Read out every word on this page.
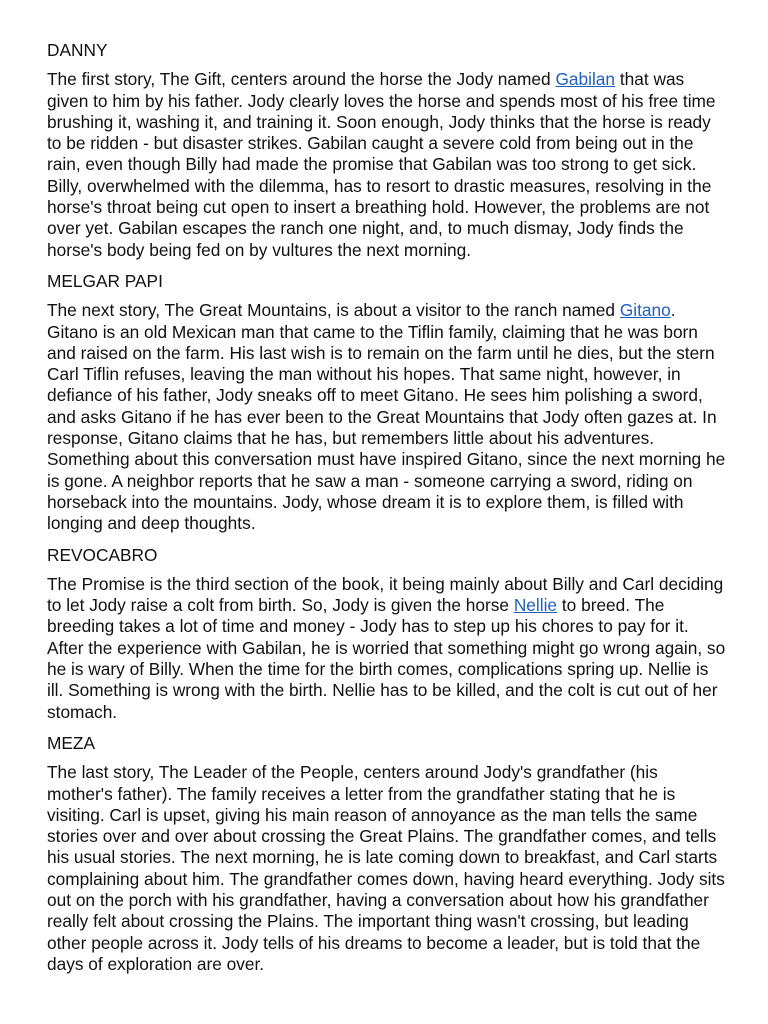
DANNY

The first story, The Gift, centers around the horse the Jody named Gabilan that was given to him by his father. Jody clearly loves the horse and spends most of his free time brushing it, washing it, and training it. Soon enough, Jody thinks that the horse is ready to be ridden - but disaster strikes. Gabilan caught a severe cold from being out in the rain, even though Billy had made the promise that Gabilan was too strong to get sick. Billy, overwhelmed with the dilemma, has to resort to drastic measures, resolving in the horse's throat being cut open to insert a breathing hold. However, the problems are not over yet. Gabilan escapes the ranch one night, and, to much dismay, Jody finds the horse's body being fed on by vultures the next morning.

MELGAR PAPI

The next story, The Great Mountains, is about a visitor to the ranch named Gitano. Gitano is an old Mexican man that came to the Tiflin family, claiming that he was born and raised on the farm. His last wish is to remain on the farm until he dies, but the stern Carl Tiflin refuses, leaving the man without his hopes. That same night, however, in defiance of his father, Jody sneaks off to meet Gitano. He sees him polishing a sword, and asks Gitano if he has ever been to the Great Mountains that Jody often gazes at. In response, Gitano claims that he has, but remembers little about his adventures. Something about this conversation must have inspired Gitano, since the next morning he is gone. A neighbor reports that he saw a man - someone carrying a sword, riding on horseback into the mountains. Jody, whose dream it is to explore them, is filled with longing and deep thoughts.

REVOCABRO

The Promise is the third section of the book, it being mainly about Billy and Carl deciding to let Jody raise a colt from birth. So, Jody is given the horse Nellie to breed. The breeding takes a lot of time and money - Jody has to step up his chores to pay for it. After the experience with Gabilan, he is worried that something might go wrong again, so he is wary of Billy. When the time for the birth comes, complications spring up. Nellie is ill. Something is wrong with the birth. Nellie has to be killed, and the colt is cut out of her stomach.

MEZA

The last story, The Leader of the People, centers around Jody's grandfather (his mother's father). The family receives a letter from the grandfather stating that he is visiting. Carl is upset, giving his main reason of annoyance as the man tells the same stories over and over about crossing the Great Plains. The grandfather comes, and tells his usual stories. The next morning, he is late coming down to breakfast, and Carl starts complaining about him. The grandfather comes down, having heard everything. Jody sits out on the porch with his grandfather, having a conversation about how his grandfather really felt about crossing the Plains. The important thing wasn't crossing, but leading other people across it. Jody tells of his dreams to become a leader, but is told that the days of exploration are over.
